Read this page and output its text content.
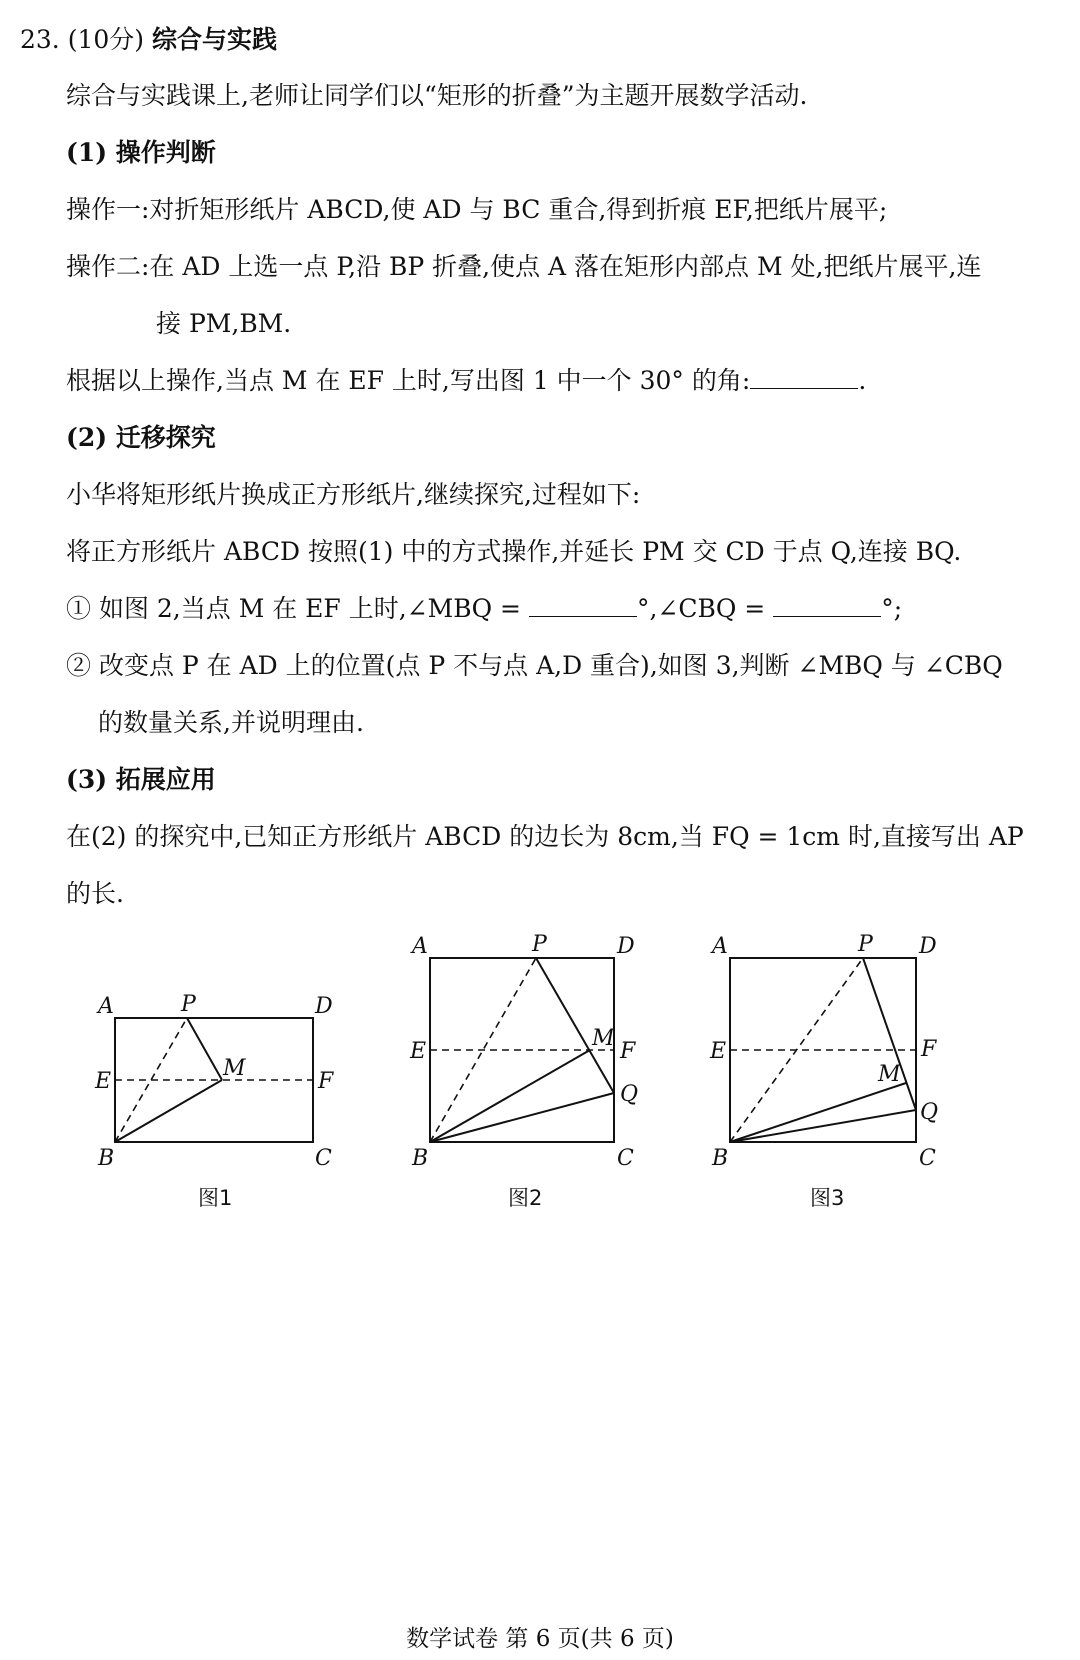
23. (10分) 综合与实践
综合与实践课上,老师让同学们以“矩形的折叠”为主题开展数学活动.
(1) 操作判断
操作一:对折矩形纸片 ABCD,使 AD 与 BC 重合,得到折痕 EF,把纸片展平;
操作二:在 AD 上选一点 P,沿 BP 折叠,使点 A 落在矩形内部点 M 处,把纸片展平,连
接 PM,BM.
根据以上操作,当点 M 在 EF 上时,写出图 1 中一个 30° 的角:	.
(2) 迁移探究
小华将矩形纸片换成正方形纸片,继续探究,过程如下:
将正方形纸片 ABCD 按照(1) 中的方式操作,并延长 PM 交 CD 于点 Q,连接 BQ.
① 如图 2,当点 M 在 EF 上时,∠MBQ =	°,∠CBQ =	°;
② 改变点 P 在 AD 上的位置(点 P 不与点 A,D 重合),如图 3,判断 ∠MBQ 与 ∠CBQ
的数量关系,并说明理由.
(3) 拓展应用
在(2) 的探究中,已知正方形纸片 ABCD 的边长为 8cm,当 FQ = 1cm 时,直接写出 AP
的长.
A	P	D
E
M
F
B	C
图1
A	P	D
E
M
F
Q
B	C
图2
A	P D
E
M
F
Q
B	C
图3
数学试卷 第 6 页(共 6 页)
